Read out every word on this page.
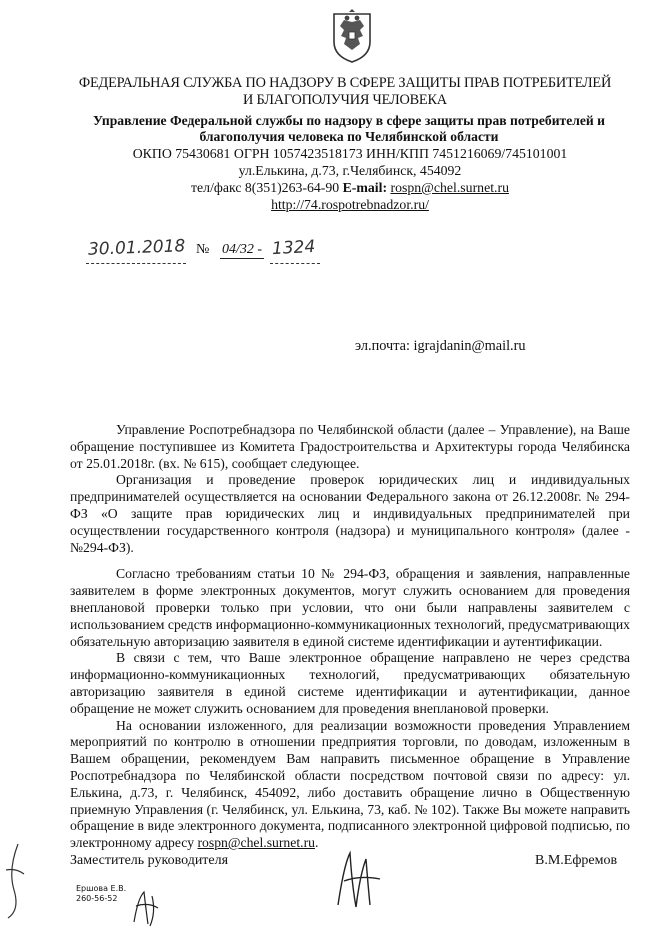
ФЕДЕРАЛЬНАЯ СЛУЖБА ПО НАДЗОРУ В СФЕРЕ ЗАЩИТЫ ПРАВ ПОТРЕБИТЕЛЕЙ
И БЛАГОПОЛУЧИЯ ЧЕЛОВЕКА
Управление Федеральной службы по надзору в сфере защиты прав потребителей и
благополучия человека по Челябинской области
ОКПО 75430681 ОГРН 1057423518173 ИНН/КПП 7451216069/745101001
ул.Елькина, д.73, г.Челябинск, 454092
тел/факс 8(351)263-64-90 E-mail: rospn@chel.surnet.ru
http://74.rospotrebnadzor.ru/
30.01.2018 № 04/32 - 1324
эл.почта: igrajdanin@mail.ru

Управление Роспотребнадзора по Челябинской области (далее – Управление), на Ваше обращение поступившее из Комитета Градостроительства и Архитектуры города Челябинска от 25.01.2018г. (вх. № 615), сообщает следующее.

Организация и проведение проверок юридических лиц и индивидуальных предпринимателей осуществляется на основании Федерального закона от 26.12.2008г. № 294-ФЗ «О защите прав юридических лиц и индивидуальных предпринимателей при осуществлении государственного контроля (надзора) и муниципального контроля» (далее - №294-ФЗ).

Согласно требованиям статьи 10 № 294-ФЗ, обращения и заявления, направленные заявителем в форме электронных документов, могут служить основанием для проведения внеплановой проверки только при условии, что они были направлены заявителем с использованием средств информационно-коммуникационных технологий, предусматривающих обязательную авторизацию заявителя в единой системе идентификации и аутентификации.

В связи с тем, что Ваше электронное обращение направлено не через средства информационно-коммуникационных технологий, предусматривающих обязательную авторизацию заявителя в единой системе идентификации и аутентификации, данное обращение не может служить основанием для проведения внеплановой проверки.

На основании изложенного, для реализации возможности проведения Управлением мероприятий по контролю в отношении предприятия торговли, по доводам, изложенным в Вашем обращении, рекомендуем Вам направить письменное обращение в Управление Роспотребнадзора по Челябинской области посредством почтовой связи по адресу: ул. Елькина, д.73, г. Челябинск, 454092, либо доставить обращение лично в Общественную приемную Управления (г. Челябинск, ул. Елькина, 73, каб. № 102). Также Вы можете направить обращение в виде электронного документа, подписанного электронной цифровой подписью, по электронному адресу rospn@chel.surnet.ru.

Заместитель руководителя	В.М.Ефремов
Ершова Е.В.
260-56-52
